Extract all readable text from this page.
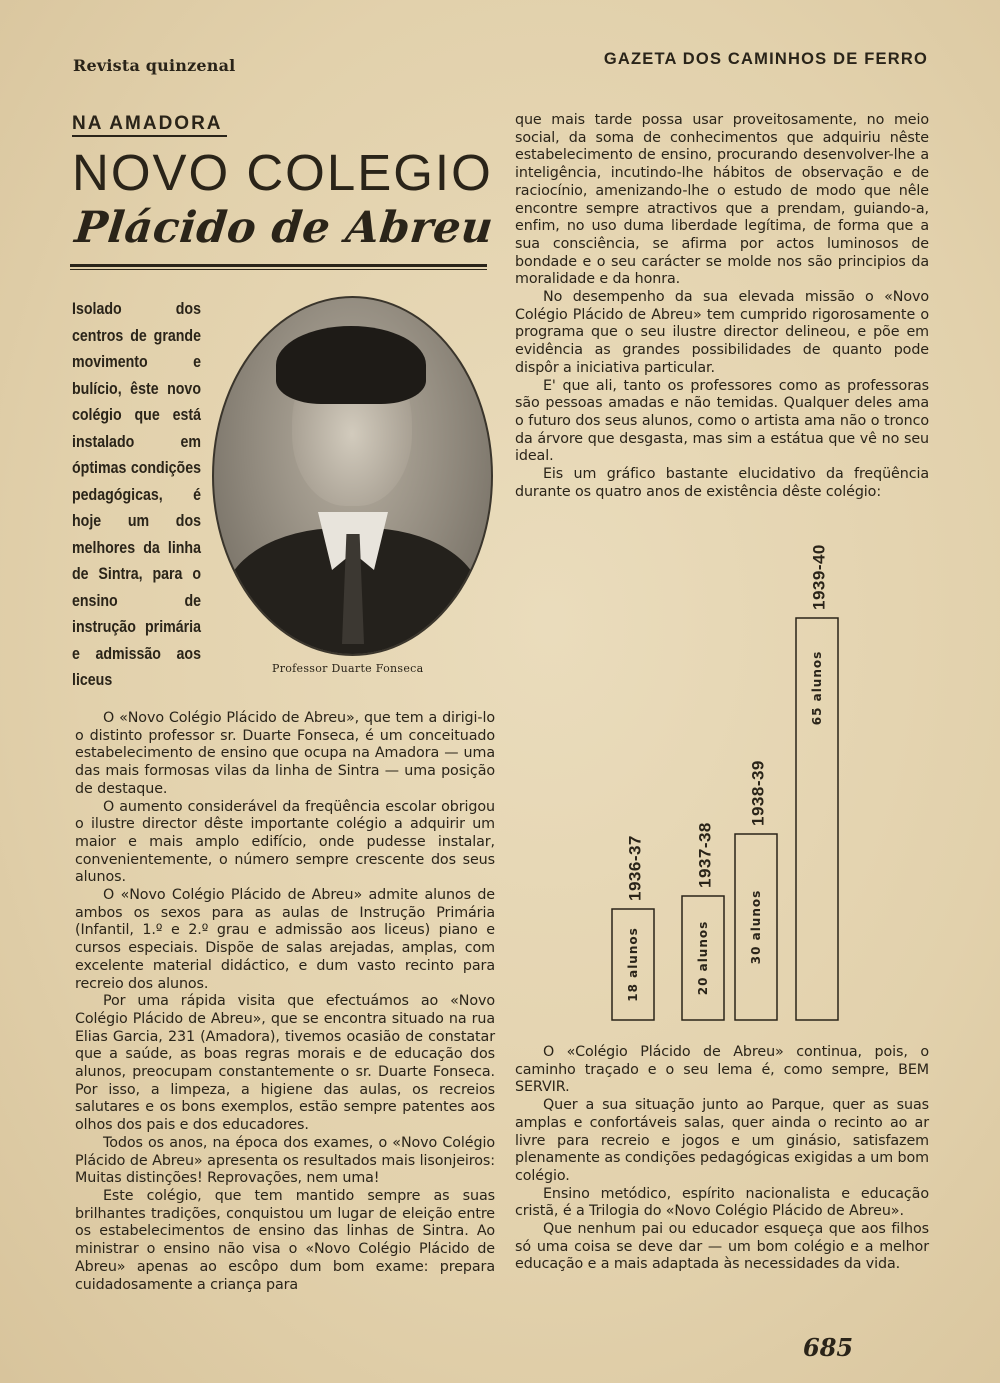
Revista quinzenal	GAZETA DOS CAMINHOS DE FERRO
NA AMADORA
NOVO COLEGIO
Plácido de Abreu
Isolado dos centros de grande movimento e bulício, êste novo colégio que está instalado em óptimas condições pedagógicas, é hoje um dos melhores da linha de Sintra, para o ensino de instrução primária e admissão aos liceus
Professor Duarte Fonseca

O «Novo Colégio Plácido de Abreu», que tem a dirigi-lo o distinto professor sr. Duarte Fonseca, é um conceituado estabelecimento de ensino que ocupa na Amadora — uma das mais formosas vilas da linha de Sintra — uma posição de destaque.

O aumento considerável da freqüência escolar obrigou o ilustre director dêste importante colégio a adquirir um maior e mais amplo edifício, onde pudesse instalar, convenientemente, o número sempre crescente dos seus alunos.

O «Novo Colégio Plácido de Abreu» admite alunos de ambos os sexos para as aulas de Instrução Primária (Infantil, 1.º e 2.º grau e admissão aos liceus) piano e cursos especiais. Dispõe de salas arejadas, amplas, com excelente material didáctico, e dum vasto recinto para recreio dos alunos.

Por uma rápida visita que efectuámos ao «Novo Colégio Plácido de Abreu», que se encontra situado na rua Elias Garcia, 231 (Amadora), tivemos ocasião de constatar que a saúde, as boas regras morais e de educação dos alunos, preocupam constantemente o sr. Duarte Fonseca. Por isso, a limpeza, a higiene das aulas, os recreios salutares e os bons exemplos, estão sempre patentes aos olhos dos pais e dos educadores.

Todos os anos, na época dos exames, o «Novo Colégio Plácido de Abreu» apresenta os resultados mais lisonjeiros: Muitas distinções! Reprovações, nem uma!

Este colégio, que tem mantido sempre as suas brilhantes tradições, conquistou um lugar de eleição entre os estabelecimentos de ensino das linhas de Sintra. Ao ministrar o ensino não visa o «Novo Colégio Plácido de Abreu» apenas ao escôpo dum bom exame: prepara cuidadosamente a criança para

que mais tarde possa usar proveitosamente, no meio social, da soma de conhecimentos que adquiriu nêste estabelecimento de ensino, procurando desenvolver-lhe a inteligência, incutindo-lhe hábitos de observação e de raciocínio, amenizando-lhe o estudo de modo que nêle encontre sempre atractivos que a prendam, guiando-a, enfim, no uso duma liberdade legítima, de forma que a sua consciência, se afirma por actos luminosos de bondade e o seu carácter se molde nos são principios da moralidade e da honra.

No desempenho da sua elevada missão o «Novo Colégio Plácido de Abreu» tem cumprido rigorosamente o programa que o seu ilustre director delineou, e põe em evidência as grandes possibilidades de quanto pode dispôr a iniciativa particular.

E' que ali, tanto os professores como as professoras são pessoas amadas e não temidas. Qualquer deles ama o futuro dos seus alunos, como o artista ama não o tronco da árvore que desgasta, mas sim a estátua que vê no seu ideal.

Eis um gráfico bastante elucidativo da freqüência durante os quatro anos de existência dêste colégio:

18 alunos
1936-37
20 alunos
1937-38
30 alunos
1938-39
65 alunos
1939-40

O «Colégio Plácido de Abreu» continua, pois, o caminho traçado e o seu lema é, como sempre, BEM SERVIR.

Quer a sua situação junto ao Parque, quer as suas amplas e confortáveis salas, quer ainda o recinto ao ar livre para recreio e jogos e um ginásio, satisfazem plenamente as condições pedagógicas exigidas a um bom colégio.

Ensino metódico, espírito nacionalista e educação cristã, é a Trilogia do «Novo Colégio Plácido de Abreu».

Que nenhum pai ou educador esqueça que aos filhos só uma coisa se deve dar — um bom colégio e a melhor educação e a mais adaptada às necessidades da vida.

685
